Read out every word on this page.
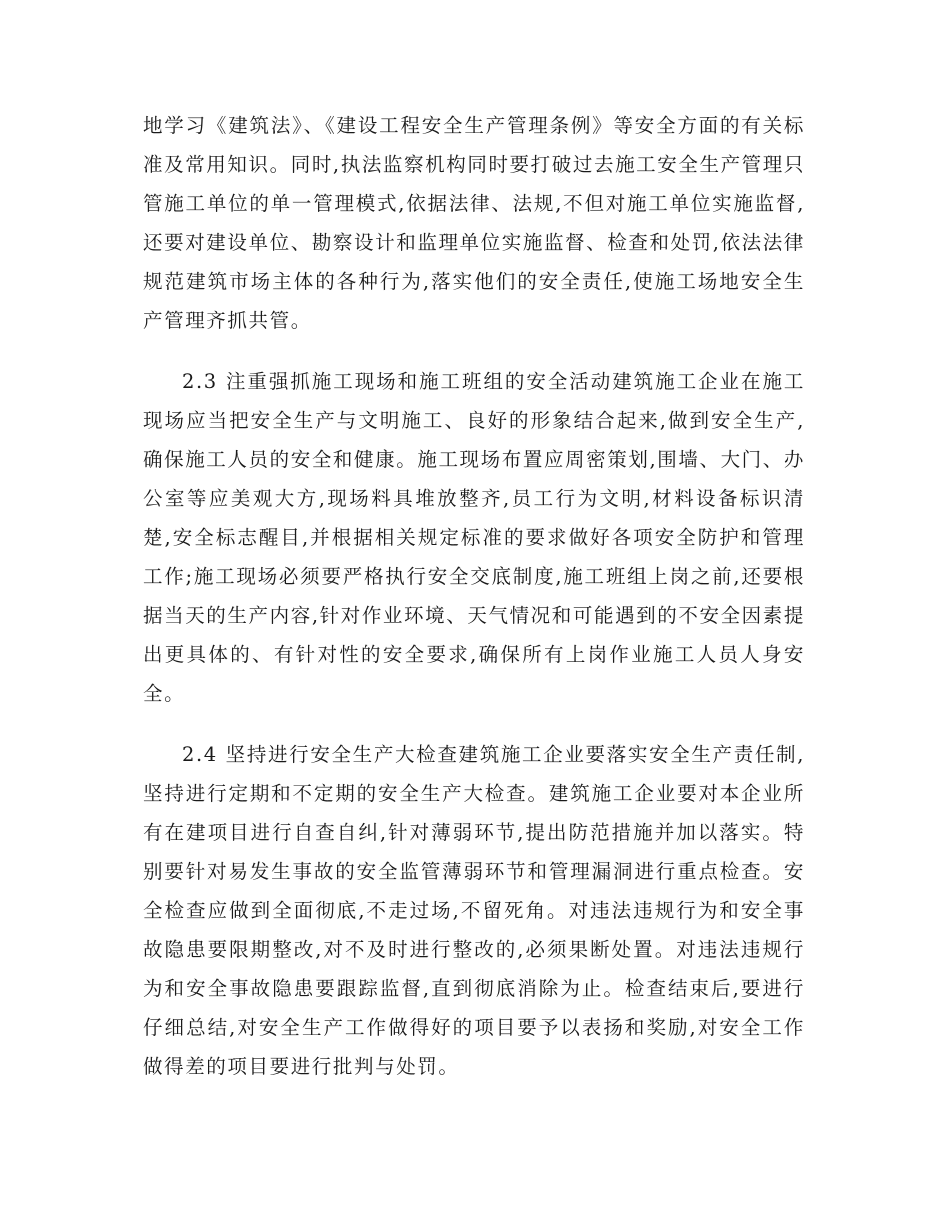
地学习《建筑法》、《建设工程安全生产管理条例》等安全方面的有关标准及常用知识。同时,执法监察机构同时要打破过去施工安全生产管理只管施工单位的单一管理模式,依据法律、法规,不但对施工单位实施监督,还要对建设单位、勘察设计和监理单位实施监督、检查和处罚,依法法律规范建筑市场主体的各种行为,落实他们的安全责任,使施工场地安全生产管理齐抓共管。

2.3 注重强抓施工现场和施工班组的安全活动建筑施工企业在施工现场应当把安全生产与文明施工、良好的形象结合起来,做到安全生产,确保施工人员的安全和健康。施工现场布置应周密策划,围墙、大门、办公室等应美观大方,现场料具堆放整齐,员工行为文明,材料设备标识清楚,安全标志醒目,并根据相关规定标准的要求做好各项安全防护和管理工作;施工现场必须要严格执行安全交底制度,施工班组上岗之前,还要根据当天的生产内容,针对作业环境、天气情况和可能遇到的不安全因素提出更具体的、有针对性的安全要求,确保所有上岗作业施工人员人身安全。

2.4 坚持进行安全生产大检查建筑施工企业要落实安全生产责任制,坚持进行定期和不定期的安全生产大检查。建筑施工企业要对本企业所有在建项目进行自查自纠,针对薄弱环节,提出防范措施并加以落实。特别要针对易发生事故的安全监管薄弱环节和管理漏洞进行重点检查。安全检查应做到全面彻底,不走过场,不留死角。对违法违规行为和安全事故隐患要限期整改,对不及时进行整改的,必须果断处置。对违法违规行为和安全事故隐患要跟踪监督,直到彻底消除为止。检查结束后,要进行仔细总结,对安全生产工作做得好的项目要予以表扬和奖励,对安全工作做得差的项目要进行批判与处罚。
